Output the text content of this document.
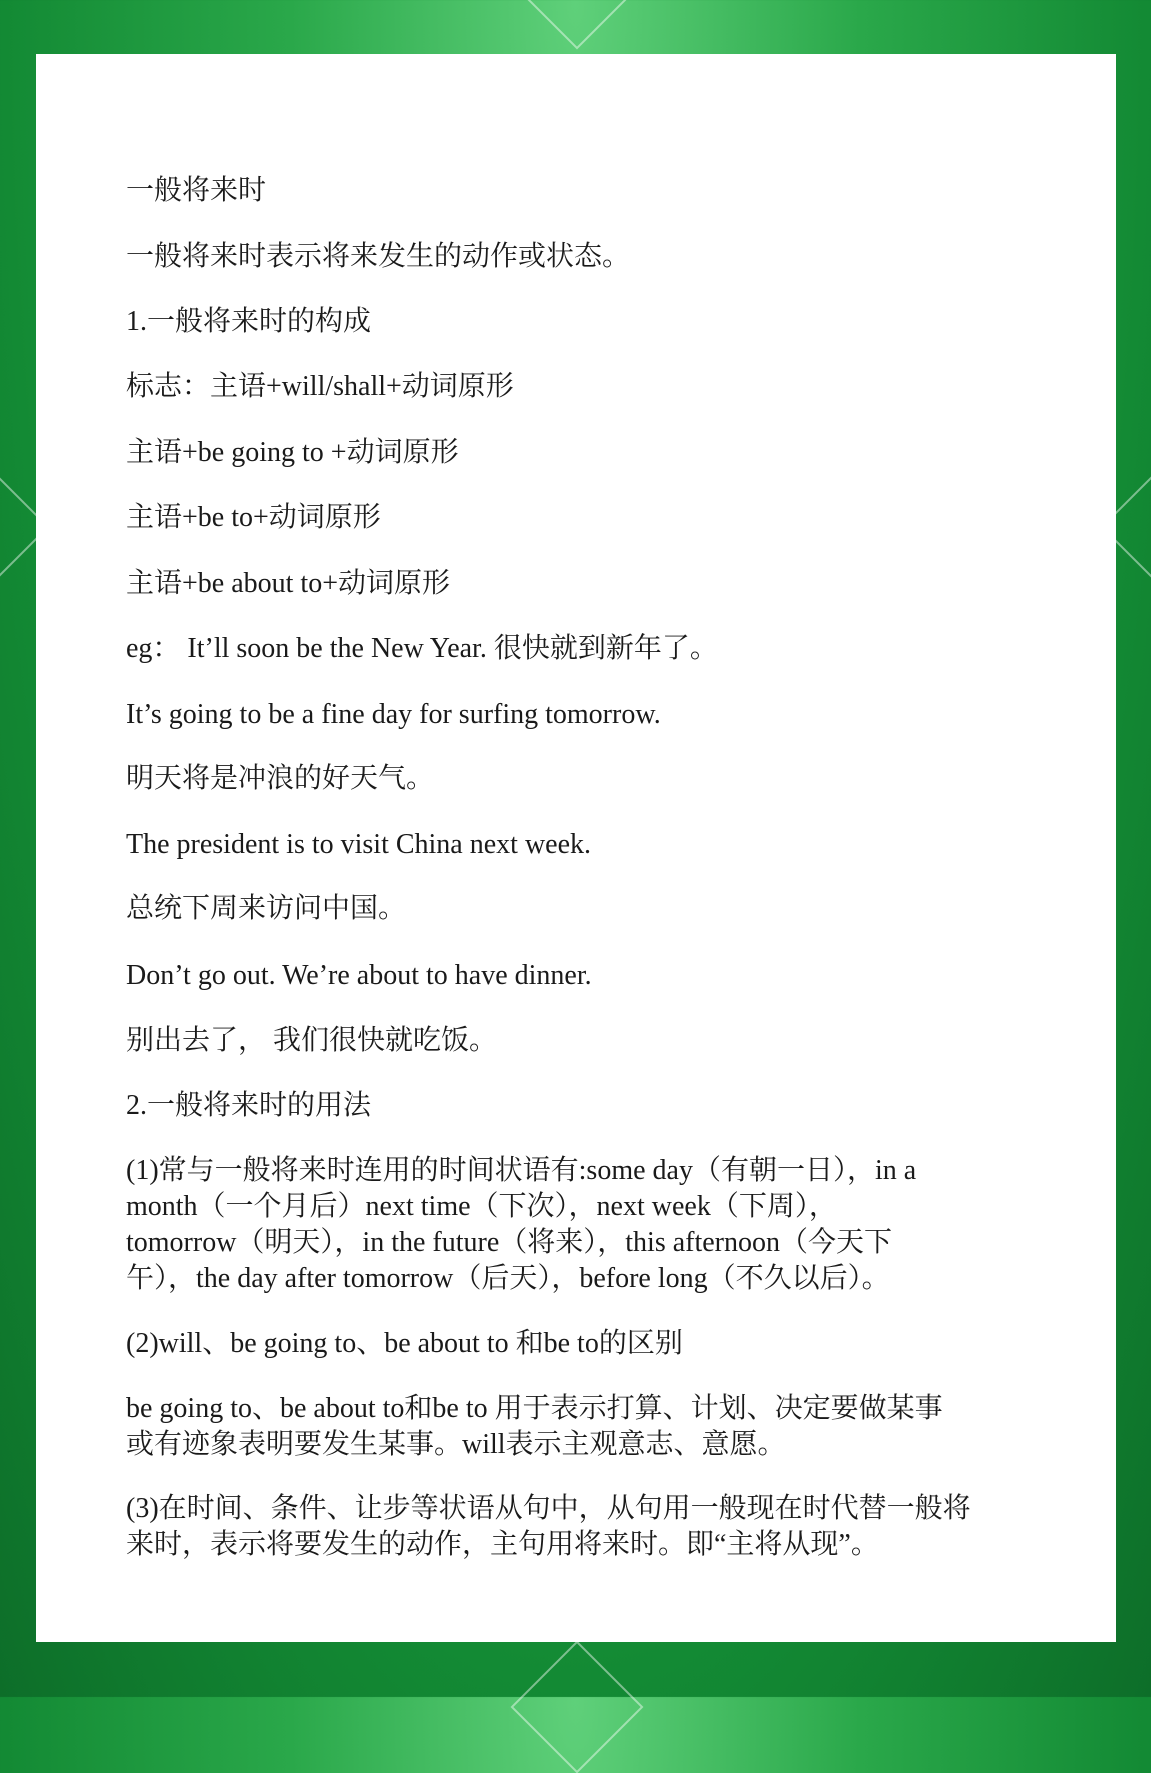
一般将来时
一般将来时表示将来发生的动作或状态。
1.一般将来时的构成
标志：主语+will/shall+动词原形
主语+be going to +动词原形
主语+be to+动词原形
主语+be about to+动词原形
eg： It’ll soon be the New Year. 很快就到新年了。
It’s going to be a fine day for surfing tomorrow.
明天将是冲浪的好天气。
The president is to visit China next week.
总统下周来访问中国。
Don’t go out. We’re about to have dinner.
别出去了， 我们很快就吃饭。
2.一般将来时的用法
(1)常与一般将来时连用的时间状语有:some day（有朝一日），in a
month（一个月后）next time（下次），next week（下周），
tomorrow（明天），in the future（将来），this afternoon（今天下
午），the day after tomorrow（后天），before long（不久以后）。
(2)will、be going to、be about to 和be to的区别
be going to、be about to和be to 用于表示打算、计划、决定要做某事
或有迹象表明要发生某事。will表示主观意志、意愿。
(3)在时间、条件、让步等状语从句中，从句用一般现在时代替一般将
来时，表示将要发生的动作，主句用将来时。即“主将从现”。
